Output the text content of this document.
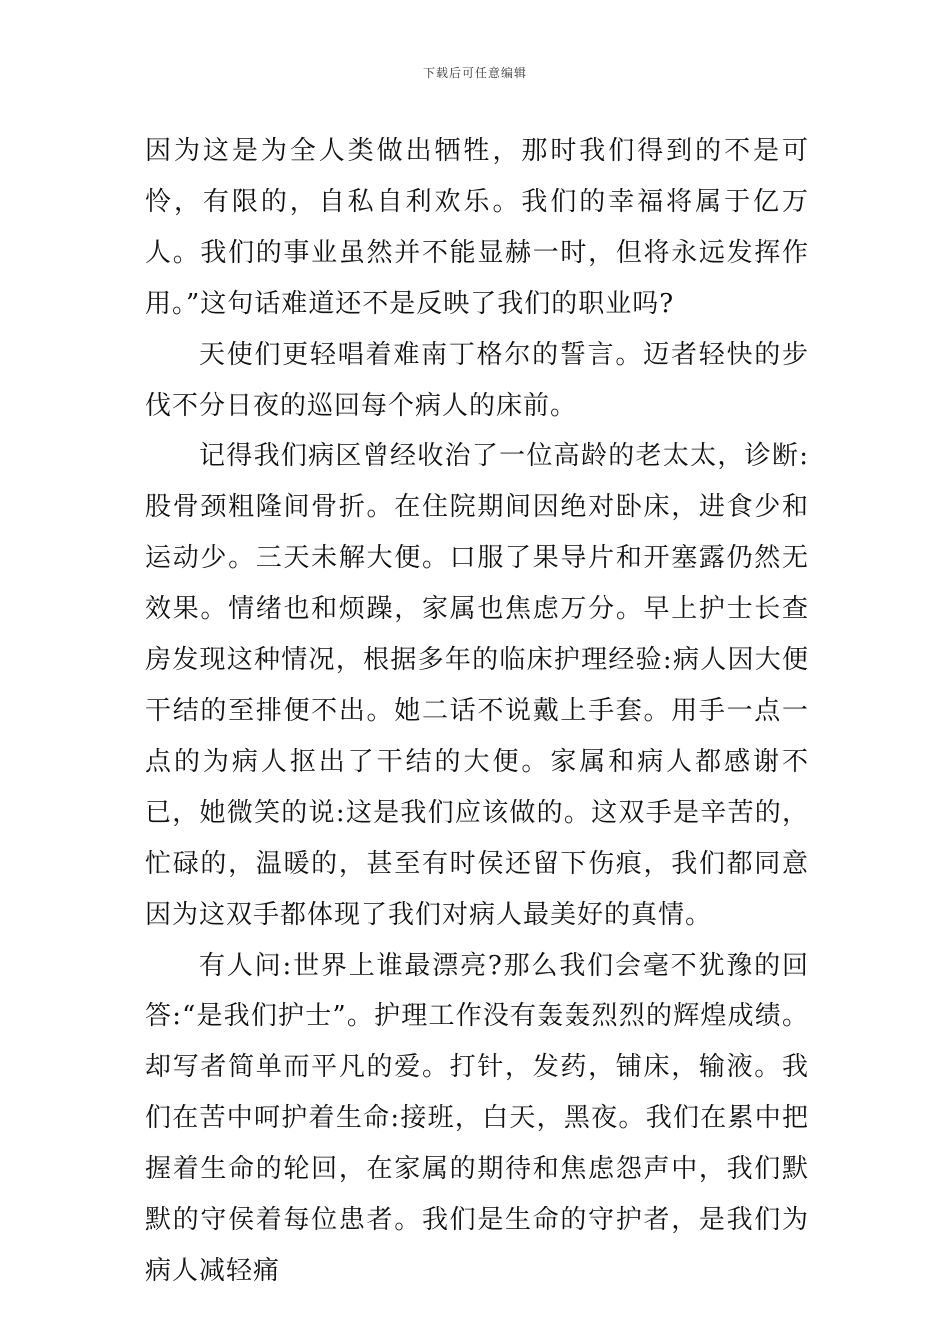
下载后可任意编辑

因为这是为全人类做出牺牲，那时我们得到的不是可怜，有限的，自私自利欢乐。我们的幸福将属于亿万人。我们的事业虽然并不能显赫一时，但将永远发挥作用。”这句话难道还不是反映了我们的职业吗?

天使们更轻唱着难南丁格尔的誓言。迈者轻快的步伐不分日夜的巡回每个病人的床前。

记得我们病区曾经收治了一位高龄的老太太，诊断:股骨颈粗隆间骨折。在住院期间因绝对卧床，进食少和运动少。三天未解大便。口服了果导片和开塞露仍然无效果。情绪也和烦躁，家属也焦虑万分。早上护士长查房发现这种情况，根据多年的临床护理经验:病人因大便干结的至排便不出。她二话不说戴上手套。用手一点一点的为病人抠出了干结的大便。家属和病人都感谢不已，她微笑的说:这是我们应该做的。这双手是辛苦的，忙碌的，温暖的，甚至有时侯还留下伤痕，我们都同意因为这双手都体现了我们对病人最美好的真情。

有人问:世界上谁最漂亮?那么我们会毫不犹豫的回答:“是我们护士”。护理工作没有轰轰烈烈的辉煌成绩。却写者简单而平凡的爱。打针，发药，铺床，输液。我们在苦中呵护着生命:接班，白天，黑夜。我们在累中把握着生命的轮回，在家属的期待和焦虑怨声中，我们默默的守侯着每位患者。我们是生命的守护者，是我们为病人减轻痛
